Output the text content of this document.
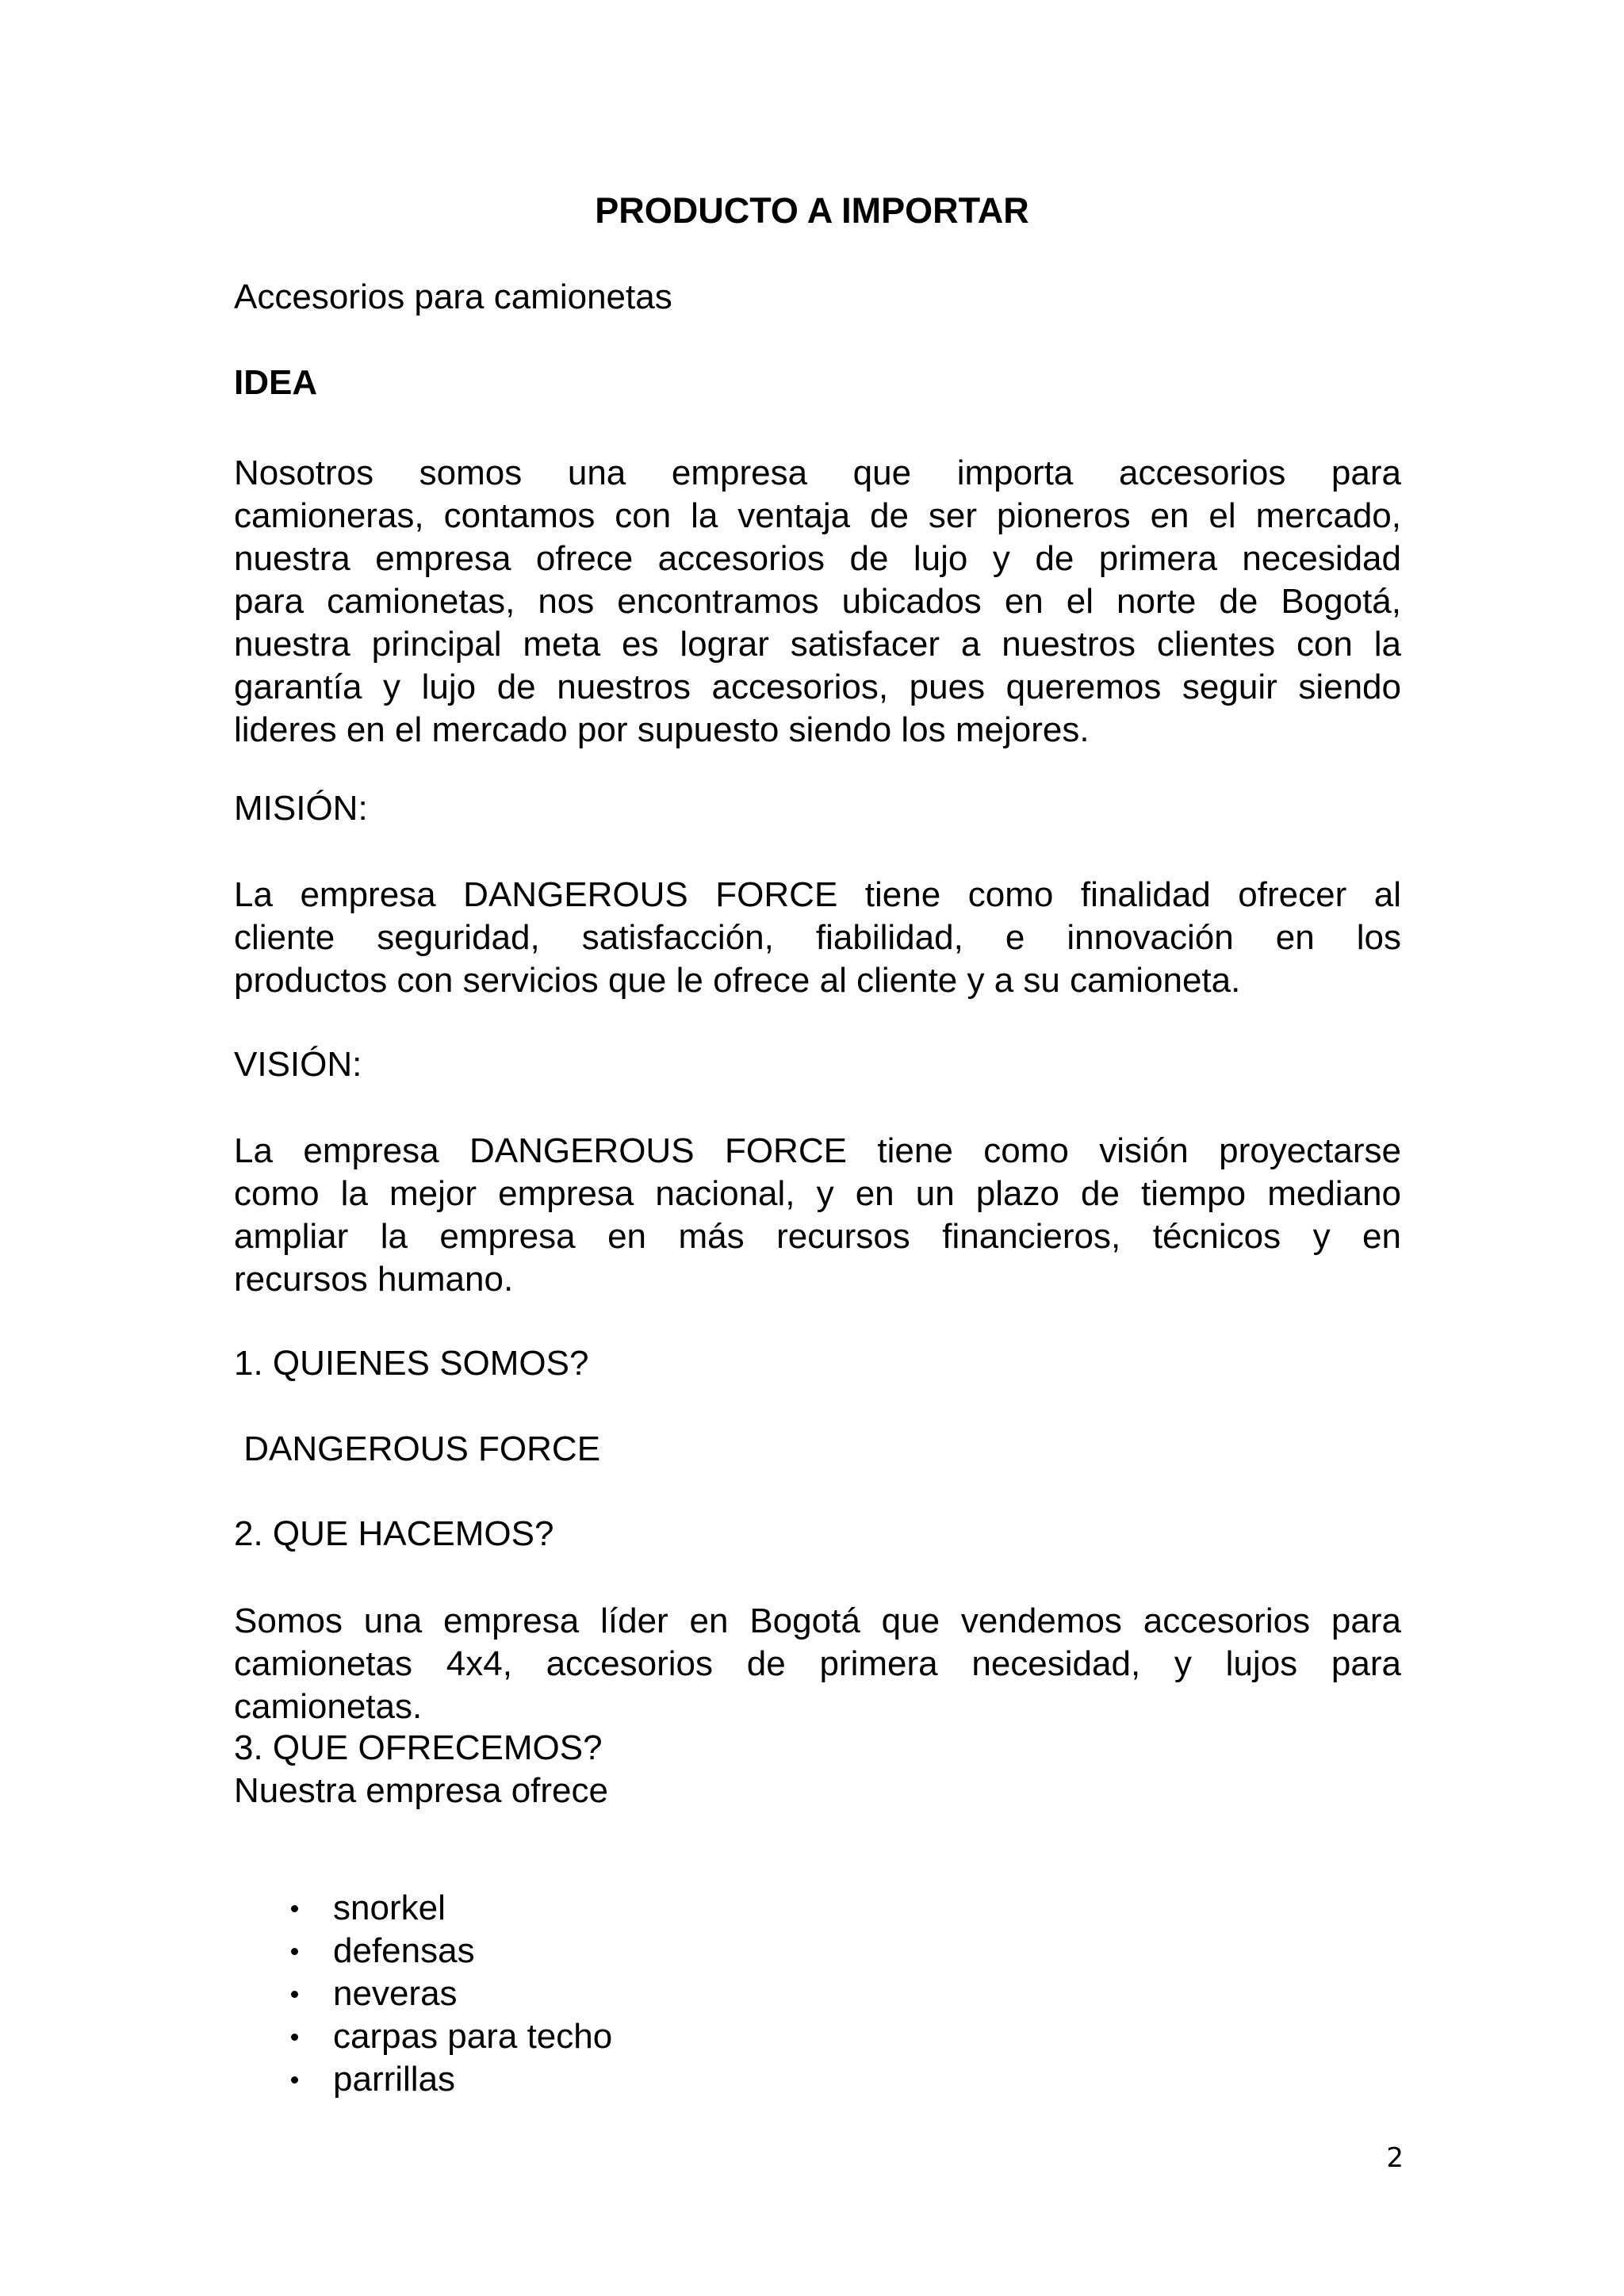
PRODUCTO A IMPORTAR
Accesorios para camionetas
IDEA
Nosotros somos una empresa que importa accesorios para
camioneras, contamos con la ventaja de ser pioneros en el mercado,
nuestra empresa ofrece accesorios de lujo y de primera necesidad
para camionetas, nos encontramos ubicados en el norte de Bogotá,
nuestra principal meta es lograr satisfacer a nuestros clientes con la
garantía y lujo de nuestros accesorios, pues queremos seguir siendo
lideres en el mercado por supuesto siendo los mejores.
MISIÓN:
La empresa DANGEROUS FORCE tiene como finalidad ofrecer al
cliente seguridad, satisfacción, fiabilidad, e innovación en los
productos con servicios que le ofrece al cliente y a su camioneta.
VISIÓN:
La empresa DANGEROUS FORCE tiene como visión proyectarse
como la mejor empresa nacional, y en un plazo de tiempo mediano
ampliar la empresa en más recursos financieros, técnicos y en
recursos humano.
1. QUIENES SOMOS?
DANGEROUS FORCE
2. QUE HACEMOS?
Somos una empresa líder en Bogotá que vendemos accesorios para
camionetas 4x4, accesorios de primera necesidad, y lujos para
camionetas.
3. QUE OFRECEMOS?
Nuestra empresa ofrece
snorkel
defensas
neveras
carpas para techo
parrillas
2
